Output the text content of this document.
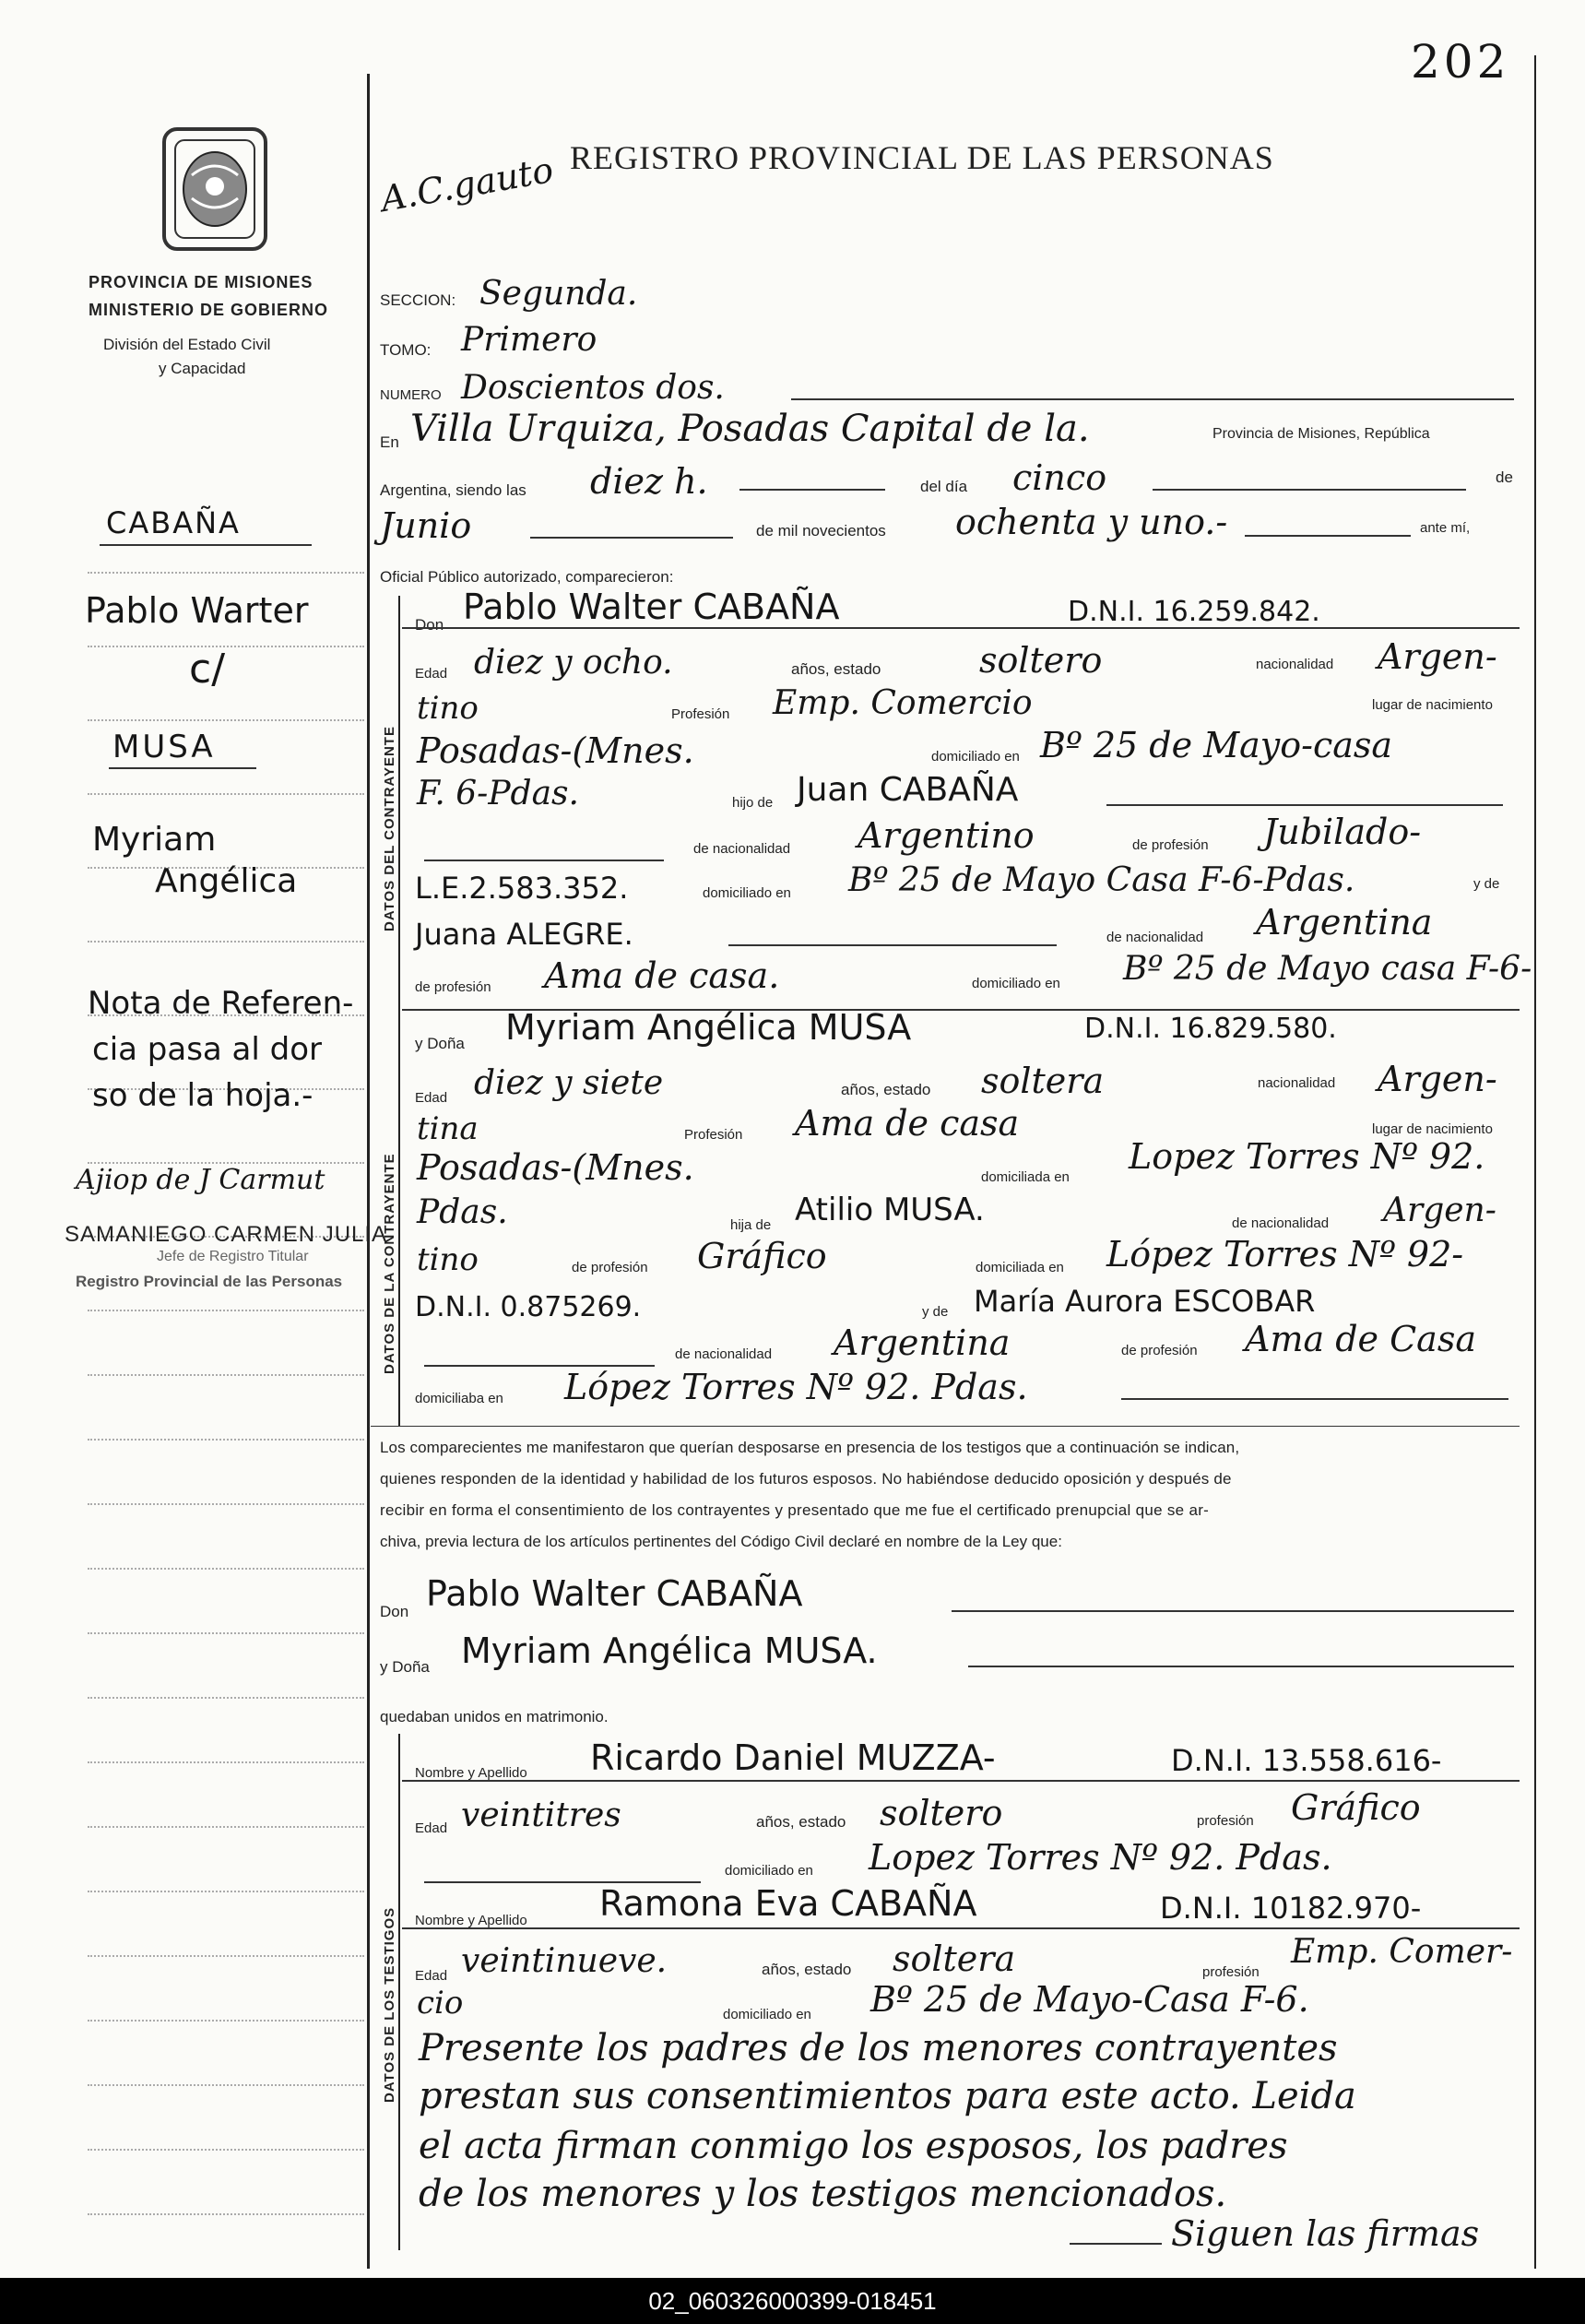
202
PROVINCIA DE MISIONES
MINISTERIO DE GOBIERNO
División del Estado Civil
y Capacidad
A.C.gauto REGISTRO PROVINCIAL DE LAS PERSONAS
CABAÑA
Pablo Warter
c/
MUSA
Myriam
Angélica
Nota de Referen-
cia pasa al dor
so de la hoja.-
Ajiop de J Carmut
SAMANIEGO CARMEN JULIA
Jefe de Registro Titular
Registro Provincial de las Personas
SECCION: Segunda.
TOMO: Primero
NUMERO Doscientos dos.
En Villa Urquiza, Posadas Capital de la.	Provincia de Misiones, República
Argentina, siendo las diez h.	del día cinco	de
Junio	de mil novecientos ochenta y uno.-	ante mí,
Oficial Público autorizado, comparecieron:
DATOS DEL CONTRAYENTE
Don Pablo Walter CABAÑA	D.N.I. 16.259.842.
Edad diez y ocho.	años, estado	soltero	nacionalidad Argen-
tino	Profesión Emp. Comercio	lugar de nacimiento
Posadas-(Mnes.	domiciliado en Bº 25 de Mayo-casa
F. 6-Pdas.	hijo de Juan CABAÑA
de nacionalidad Argentino	de profesión Jubilado-
L.E.2.583.352.	domiciliado en Bº 25 de Mayo Casa F-6-Pdas.	y de
Juana ALEGRE.	de nacionalidad Argentina
de profesión Ama de casa.	domiciliado en Bº 25 de Mayo casa F-6-
DATOS DE LA CONTRAYENTE
y Doña Myriam Angélica MUSA	D.N.I. 16.829.580.
Edad diez y siete	años, estado soltera	nacionalidad Argen-
tina	Profesión Ama de casa	lugar de nacimiento
Posadas-(Mnes.	domiciliada en
Lopez Torres Nº 92.
Pdas.	hija de Atilio MUSA.	de nacionalidad Argen-
tino	de profesión Gráfico	domiciliada en López Torres Nº 92-
D.N.I. 0.875269.	y de María Aurora ESCOBAR
de nacionalidad Argentina	de profesión Ama de Casa
domiciliaba en López Torres Nº 92. Pdas.
Los comparecientes me manifestaron que querían desposarse en presencia de los testigos que a continuación se indican,
quienes responden de la identidad y habilidad de los futuros esposos. No habiéndose deducido oposición y después de
recibir en forma el consentimiento de los contrayentes y presentado que me fue el certificado prenupcial que se ar-
chiva, previa lectura de los artículos pertinentes del Código Civil declaré en nombre de la Ley que:
Don Pablo Walter CABAÑA
y Doña Myriam Angélica MUSA.
quedaban unidos en matrimonio.
DATOS DE LOS TESTIGOS
Nombre y Apellido Ricardo Daniel MUZZA-	D.N.I. 13.558.616-
Edad veintitres	años, estado soltero	profesión Gráfico
domiciliado en Lopez Torres Nº 92. Pdas.
Nombre y Apellido Ramona Eva CABAÑA	D.N.I. 10182.970-
Edad veintinueve.	años, estado soltera	profesión
Emp. Comer-
cio	domiciliado en Bº 25 de Mayo-Casa F-6.
Presente los padres de los menores contrayentes
prestan sus consentimientos para este acto. Leida
el acta firman conmigo los esposos, los padres
de los menores y los testigos mencionados.
Siguen las firmas
02_060326000399-018451
